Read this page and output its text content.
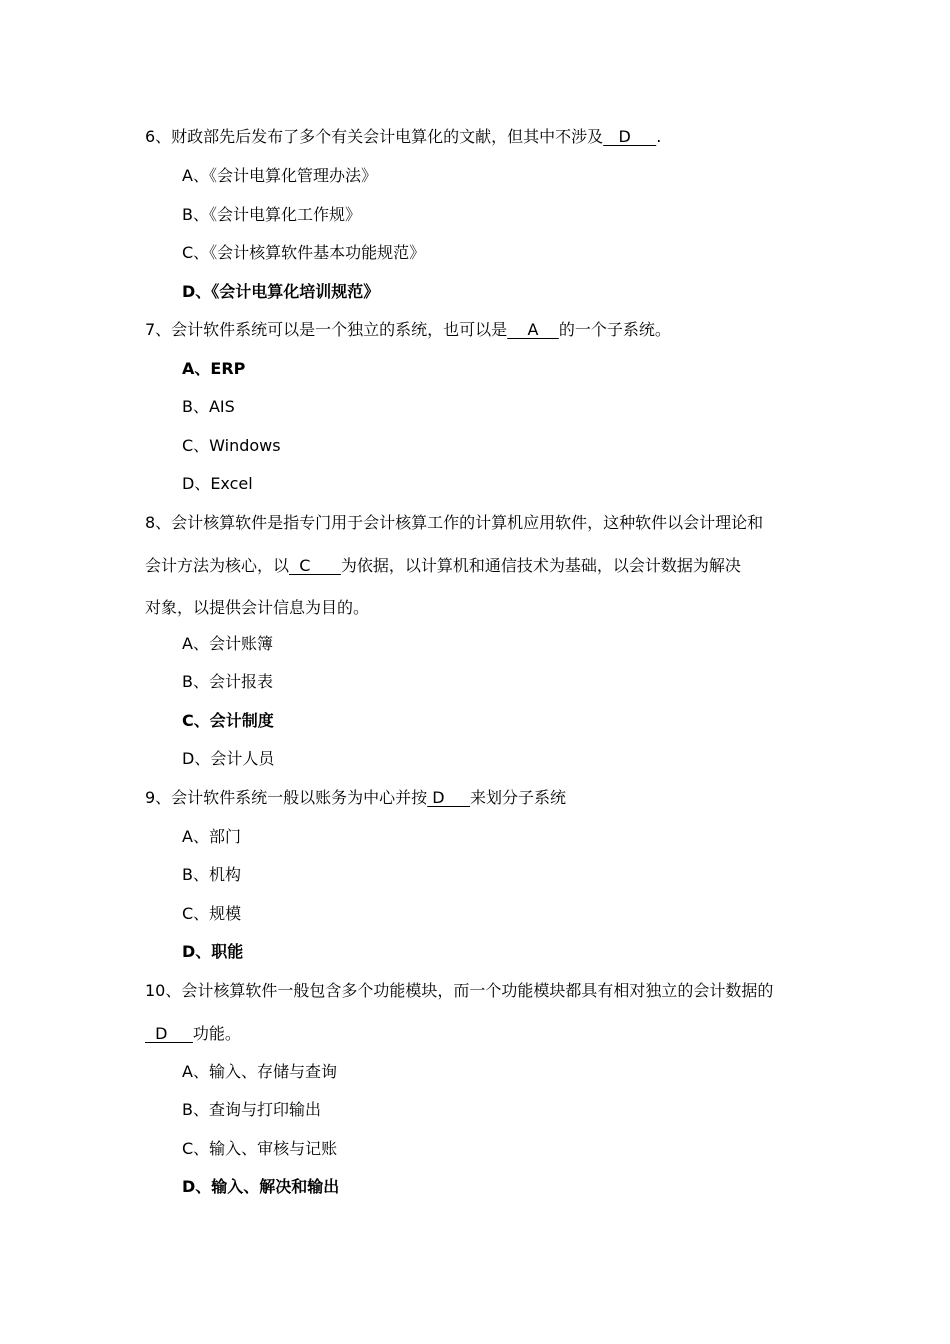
6、财政部先后发布了多个有关会计电算化的文献，但其中不涉及   D     .
A、《会计电算化管理办法》
B、《会计电算化工作规》
C、《会计核算软件基本功能规范》
D、《会计电算化培训规范》
7、会计软件系统可以是一个独立的系统，也可以是    A    的一个子系统。
A、ERP
B、AIS
C、Windows
D、Excel
8、会计核算软件是指专门用于会计核算工作的计算机应用软件，这种软件以会计理论和
会计方法为核心，以  C      为依据，以计算机和通信技术为基础，以会计数据为解决
对象，以提供会计信息为目的。
A、会计账簿
B、会计报表
C、会计制度
D、会计人员
9、会计软件系统一般以账务为中心并按 D     来划分子系统
A、部门
B、机构
C、规模
D、职能
10、会计核算软件一般包含多个功能模块，而一个功能模块都具有相对独立的会计数据的
D     功能。
A、输入、存储与查询
B、查询与打印输出
C、输入、审核与记账
D、输入、解决和输出
